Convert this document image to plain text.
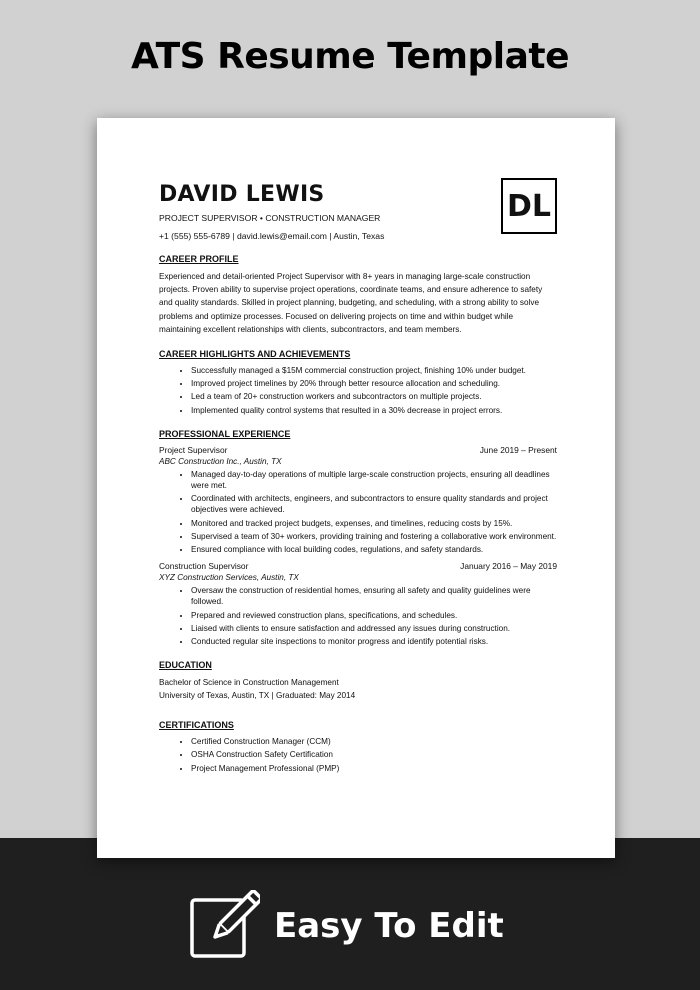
ATS Resume Template
DAVID LEWIS
PROJECT SUPERVISOR • CONSTRUCTION MANAGER
+1 (555) 555-6789 | david.lewis@email.com | Austin, Texas
DL
CAREER PROFILE
Experienced and detail-oriented Project Supervisor with 8+ years in managing large-scale construction projects. Proven ability to supervise project operations, coordinate teams, and ensure adherence to safety and quality standards. Skilled in project planning, budgeting, and scheduling, with a strong ability to solve problems and optimize processes. Focused on delivering projects on time and within budget while maintaining excellent relationships with clients, subcontractors, and team members.
CAREER HIGHLIGHTS AND ACHIEVEMENTS
• Successfully managed a $15M commercial construction project, finishing 10% under budget.
• Improved project timelines by 20% through better resource allocation and scheduling.
• Led a team of 20+ construction workers and subcontractors on multiple projects.
• Implemented quality control systems that resulted in a 30% decrease in project errors.
PROFESSIONAL EXPERIENCE
Project Supervisor	June 2019 – Present
ABC Construction Inc., Austin, TX
• Managed day-to-day operations of multiple large-scale construction projects, ensuring all deadlines were met.
• Coordinated with architects, engineers, and subcontractors to ensure quality standards and project objectives were achieved.
• Monitored and tracked project budgets, expenses, and timelines, reducing costs by 15%.
• Supervised a team of 30+ workers, providing training and fostering a collaborative work environment.
• Ensured compliance with local building codes, regulations, and safety standards.
Construction Supervisor	January 2016 – May 2019
XYZ Construction Services, Austin, TX
• Oversaw the construction of residential homes, ensuring all safety and quality guidelines were followed.
• Prepared and reviewed construction plans, specifications, and schedules.
• Liaised with clients to ensure satisfaction and addressed any issues during construction.
• Conducted regular site inspections to monitor progress and identify potential risks.
EDUCATION
Bachelor of Science in Construction Management
University of Texas, Austin, TX | Graduated: May 2014
CERTIFICATIONS
• Certified Construction Manager (CCM)
• OSHA Construction Safety Certification
• Project Management Professional (PMP)
Easy To Edit
